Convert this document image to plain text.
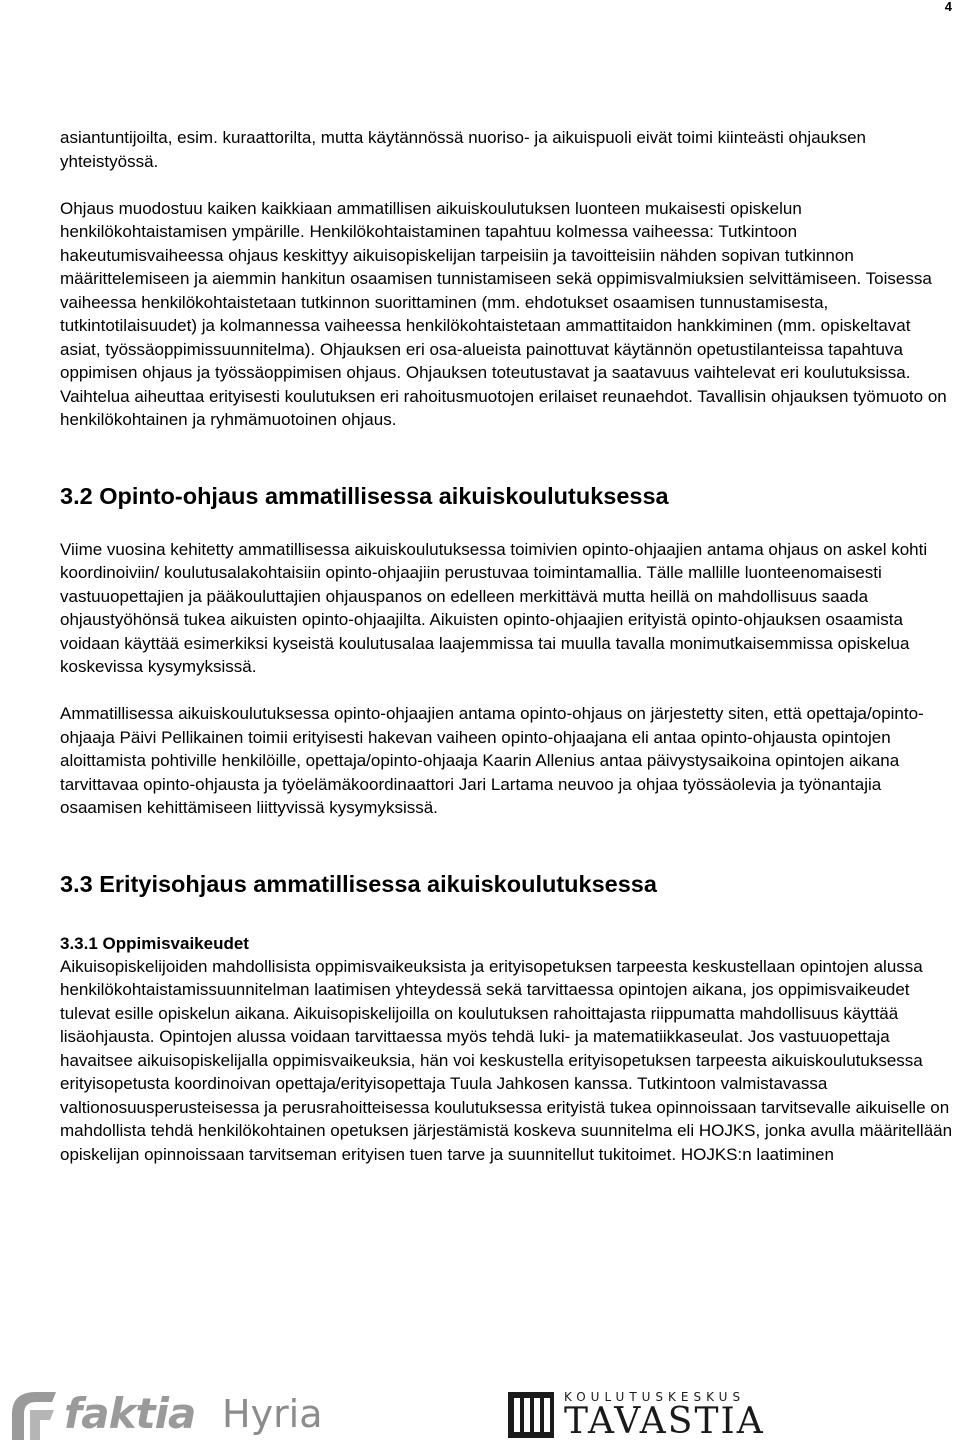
4

asiantuntijoilta, esim. kuraattorilta, mutta käytännössä nuoriso- ja aikuispuoli eivät toimi kiinteästi ohjauksen yhteistyössä.

Ohjaus muodostuu kaiken kaikkiaan ammatillisen aikuiskoulutuksen luonteen mukaisesti opiskelun henkilökohtaistamisen ympärille. Henkilökohtaistaminen tapahtuu kolmessa vaiheessa: Tutkintoon hakeutumisvaiheessa ohjaus keskittyy aikuisopiskelijan tarpeisiin ja tavoitteisiin nähden sopivan tutkinnon määrittelemiseen ja aiemmin hankitun osaamisen tunnistamiseen sekä oppimisvalmiuksien selvittämiseen. Toisessa vaiheessa henkilökohtaistetaan tutkinnon suorittaminen (mm. ehdotukset osaamisen tunnustamisesta, tutkintotilaisuudet) ja kolmannessa vaiheessa henkilökohtaistetaan ammattitaidon hankkiminen (mm. opiskeltavat asiat, työssäoppimissuunnitelma). Ohjauksen eri osa-alueista painottuvat käytännön opetustilanteissa tapahtuva oppimisen ohjaus ja työssäoppimisen ohjaus. Ohjauksen toteutustavat ja saatavuus vaihtelevat eri koulutuksissa. Vaihtelua aiheuttaa erityisesti koulutuksen eri rahoitusmuotojen erilaiset reunaehdot. Tavallisin ohjauksen työmuoto on henkilökohtainen ja ryhmämuotoinen ohjaus.

3.2 Opinto-ohjaus ammatillisessa aikuiskoulutuksessa

Viime vuosina kehitetty ammatillisessa aikuiskoulutuksessa toimivien opinto-ohjaajien antama ohjaus on askel kohti koordinoiviin/ koulutusalakohtaisiin opinto-ohjaajiin perustuvaa toimintamallia. Tälle mallille luonteenomaisesti vastuuopettajien ja pääkouluttajien ohjauspanos on edelleen merkittävä mutta heillä on mahdollisuus saada ohjaustyöhönsä tukea aikuisten opinto-ohjaajilta. Aikuisten opinto-ohjaajien erityistä opinto-ohjauksen osaamista voidaan käyttää esimerkiksi kyseistä koulutusalaa laajemmissa tai muulla tavalla monimutkaisemmissa opiskelua koskevissa kysymyksissä.

Ammatillisessa aikuiskoulutuksessa opinto-ohjaajien antama opinto-ohjaus on järjestetty siten, että opettaja/opinto-ohjaaja Päivi Pellikainen toimii erityisesti hakevan vaiheen opinto-ohjaajana eli antaa opinto-ohjausta opintojen aloittamista pohtiville henkilöille, opettaja/opinto-ohjaaja Kaarin Allenius antaa päivystysaikoina opintojen aikana tarvittavaa opinto-ohjausta ja työelämäkoordinaattori Jari Lartama neuvoo ja ohjaa työssäolevia ja työnantajia osaamisen kehittämiseen liittyvissä kysymyksissä.

3.3 Erityisohjaus ammatillisessa aikuiskoulutuksessa
3.3.1 Oppimisvaikeudet

Aikuisopiskelijoiden mahdollisista oppimisvaikeuksista ja erityisopetuksen tarpeesta keskustellaan opintojen alussa henkilökohtaistamissuunnitelman laatimisen yhteydessä sekä tarvittaessa opintojen aikana, jos oppimisvaikeudet tulevat esille opiskelun aikana. Aikuisopiskelijoilla on koulutuksen rahoittajasta riippumatta mahdollisuus käyttää lisäohjausta. Opintojen alussa voidaan tarvittaessa myös tehdä luki- ja matematiikkaseulat. Jos vastuuopettaja havaitsee aikuisopiskelijalla oppimisvaikeuksia, hän voi keskustella erityisopetuksen tarpeesta aikuiskoulutuksessa erityisopetusta koordinoivan opettaja/erityisopettaja Tuula Jahkosen kanssa. Tutkintoon valmistavassa valtionosuusperusteisessa ja perusrahoitteisessa koulutuksessa erityistä tukea opinnoissaan tarvitsevalle aikuiselle on mahdollista tehdä henkilökohtainen opetuksen järjestämistä koskeva suunnitelma eli HOJKS, jonka avulla määritellään opiskelijan opinnoissaan tarvitseman erityisen tuen tarve ja suunnitellut tukitoimet. HOJKS:n laatiminen

faktia Hyria	KOULUTUSKESKUS
TAVASTIA
